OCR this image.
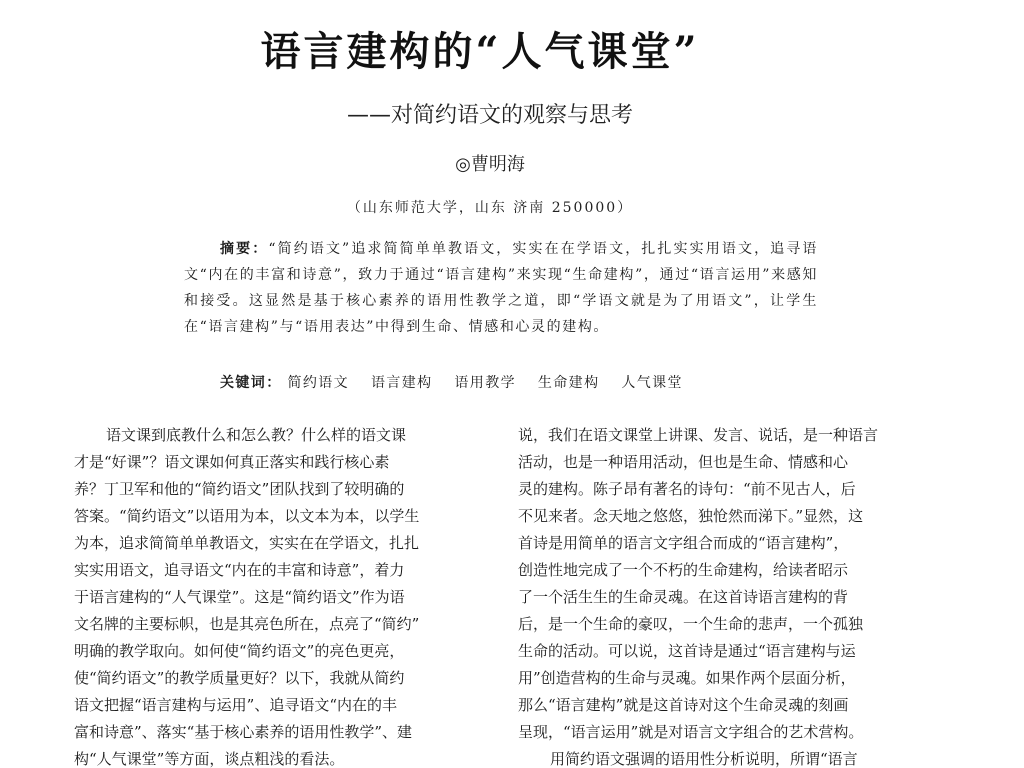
语言建构的“人气课堂”
——对简约语文的观察与思考
◎曹明海
（山东师范大学，山东 济南 250000）
摘要：“简约语文”追求简简单单教语文，实实在在学语文，扎扎实实用语文，追寻语文“内在的丰富和诗意”，致力于通过“语言建构”来实现“生命建构”，通过“语言运用”来感知和接受。这显然是基于核心素养的语用性教学之道，即“学语文就是为了用语文”，让学生在“语言建构”与“语用表达”中得到生命、情感和心灵的建构。
关键词： 简约语文 语言建构 语用教学 生命建构 人气课堂
语文课到底教什么和怎么教？什么样的语文课
才是“好课”？语文课如何真正落实和践行核心素
养？丁卫军和他的“简约语文”团队找到了较明确的
答案。“简约语文”以语用为本，以文本为本，以学生
为本，追求简简单单教语文，实实在在学语文，扎扎
实实用语文，追寻语文“内在的丰富和诗意”，着力
于语言建构的“人气课堂”。这是“简约语文”作为语
文名牌的主要标帜，也是其亮色所在，点亮了“简约”
明确的教学取向。如何使“简约语文”的亮色更亮，
使“简约语文”的教学质量更好？以下，我就从简约
语文把握“语言建构与运用”、追寻语文“内在的丰
富和诗意”、落实“基于核心素养的语用性教学”、建
构“人气课堂”等方面，谈点粗浅的看法。
说，我们在语文课堂上讲课、发言、说话，是一种语言
活动，也是一种语用活动，但也是生命、情感和心
灵的建构。陈子昂有著名的诗句：“前不见古人，后
不见来者。念天地之悠悠，独怆然而涕下。”显然，这
首诗是用简单的语言文字组合而成的“语言建构”，
创造性地完成了一个不朽的生命建构，给读者昭示
了一个活生生的生命灵魂。在这首诗语言建构的背
后，是一个生命的豪叹，一个生命的悲声，一个孤独
生命的活动。可以说，这首诗是通过“语言建构与运
用”创造营构的生命与灵魂。如果作两个层面分析，
那么“语言建构”就是这首诗对这个生命灵魂的刻画
呈现，“语言运用”就是对语言文字组合的艺术营构。
用简约语文强调的语用性分析说明，所谓“语言
